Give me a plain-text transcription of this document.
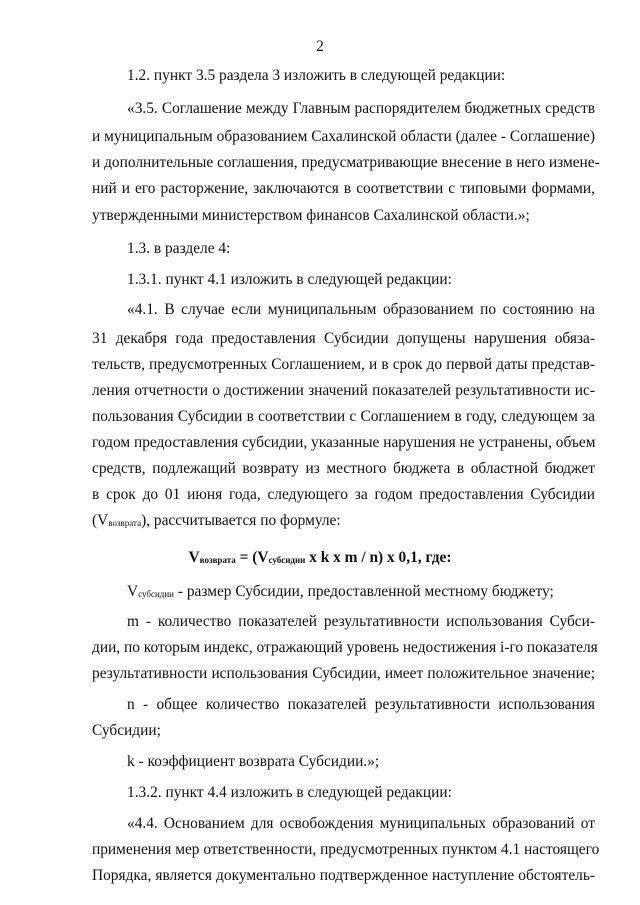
2
1.2. пункт 3.5 раздела 3 изложить в следующей редакции:
«3.5. Соглашение между Главным распорядителем бюджетных средств
и муниципальным образованием Сахалинской области (далее - Соглашение)
и дополнительные соглашения, предусматривающие внесение в него измене-
ний и его расторжение, заключаются в соответствии с типовыми формами,
утвержденными министерством финансов Сахалинской области.»;
1.3. в разделе 4:
1.3.1. пункт 4.1 изложить в следующей редакции:
«4.1. В случае если муниципальным образованием по состоянию на
31 декабря года предоставления Субсидии допущены нарушения обяза-
тельств, предусмотренных Соглашением, и в срок до первой даты представ-
ления отчетности о достижении значений показателей результативности ис-
пользования Субсидии в соответствии с Соглашением в году, следующем за
годом предоставления субсидии, указанные нарушения не устранены, объем
средств, подлежащий возврату из местного бюджета в областной бюджет
в срок до 01 июня года, следующего за годом предоставления Субсидии
(Vвозврата), рассчитывается по формуле:
Vвозврата = (Vсубсидии x k x m / n) x 0,1, где:
Vсубсидии - размер Субсидии, предоставленной местному бюджету;
m - количество показателей результативности использования Субси-
дии, по которым индекс, отражающий уровень недостижения i-го показателя
результативности использования Субсидии, имеет положительное значение;
n - общее количество показателей результативности использования
Субсидии;
k - коэффициент возврата Субсидии.»;
1.3.2. пункт 4.4 изложить в следующей редакции:
«4.4. Основанием для освобождения муниципальных образований от
применения мер ответственности, предусмотренных пунктом 4.1 настоящего
Порядка, является документально подтвержденное наступление обстоятель-
